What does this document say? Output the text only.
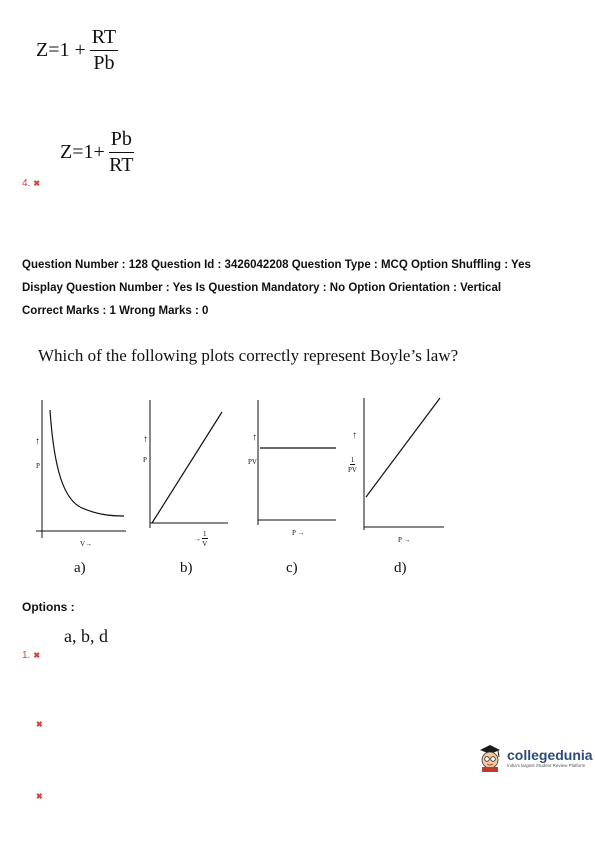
$Z=1 + \frac{RT}{Pb}$
$Z=1+ \frac{Pb}{RT}$
4. ✖
Question Number : 128 Question Id : 3426042208 Question Type : MCQ Option Shuffling : Yes
Display Question Number : Yes Is Question Mandatory : No Option Orientation : Vertical
Correct Marks : 1 Wrong Marks : 0
Which of the following plots correctly represent Boyle’s law?
↑
P
V→
a)
↑
P
→ $\frac{1}{V}$
b)
↑
PV
P →
c)
↑
$\frac{1}{PV}$
P →
d)
Options :
a, b, d
1. ✖
✖
✖
collegedunia
India's largest Student Review Platform
